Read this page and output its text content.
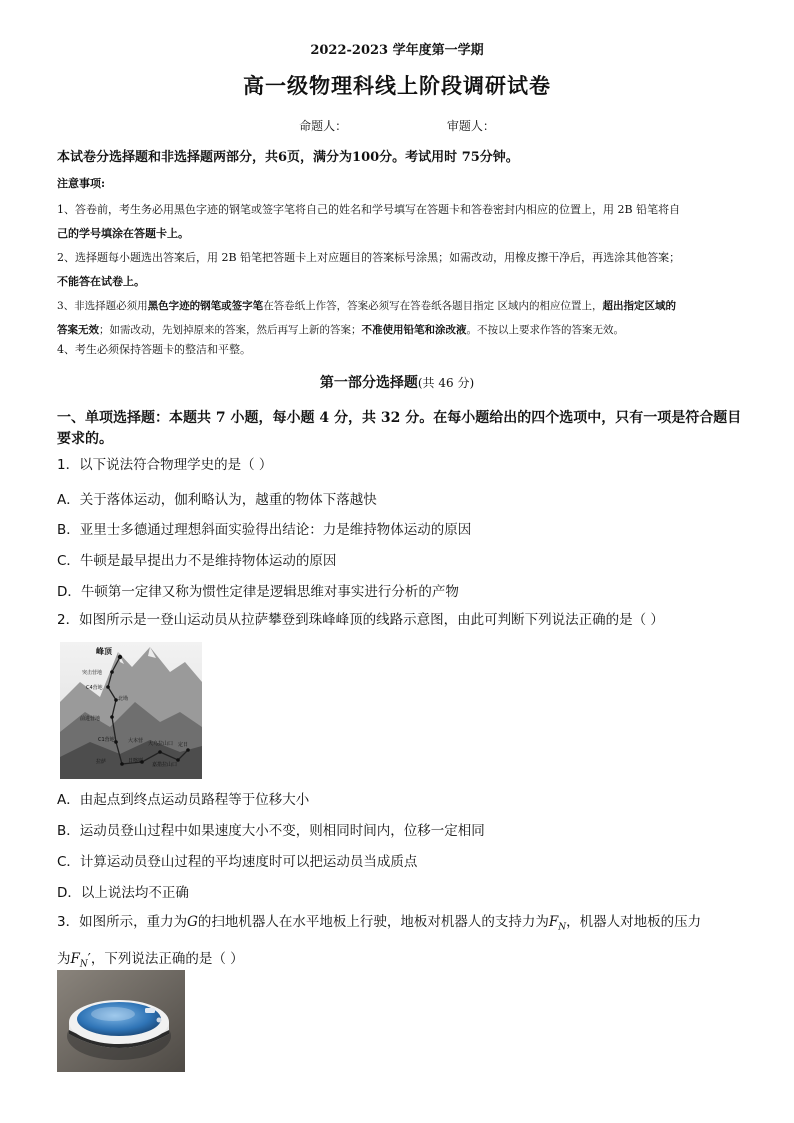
2022-2023 学年度第一学期
高一级物理科线上阶段调研试卷
命题人：	审题人：
本试卷分选择题和非选择题两部分，共6页，满分为100分。考试用时 75分钟。
注意事项:
1、答卷前，考生务必用黑色字迹的钢笔或签字笔将自己的姓名和学号填写在答题卡和答卷密封内相应的位置上，用 2B 铅笔将自
己的学号填涂在答题卡上。
2、选择题每小题选出答案后，用 2B 铅笔把答题卡上对应题目的答案标号涂黑；如需改动，用橡皮擦干净后，再选涂其他答案；
不能答在试卷上。
3、非选择题必须用黑色字迹的钢笔或签字笔在答卷纸上作答，答案必须写在答卷纸各题目指定 区域内的相应位置上，超出指定区域的
答案无效；如需改动，先划掉原来的答案，然后再写上新的答案；不准使用铅笔和涂改液。不按以上要求作答的答案无效。
4、考生必须保持答题卡的整洁和平整。
第一部分选择题(共 46 分)
一、单项选择题：本题共 7 小题，每小题 4 分，共 32 分。在每小题给出的四个选项中，只有一项是符合题目
要求的。
1．以下说法符合物理学史的是（ ）
A．关于落体运动，伽利略认为，越重的物体下落越快
B．亚里士多德通过理想斜面实验得出结论：力是维持物体运动的原因
C．牛顿是最早提出力不是维持物体运动的原因
D．牛顿第一定律又称为惯性定律是逻辑思维对事实进行分析的产物
2．如图所示是一登山运动员从拉萨攀登到珠峰峰顶的线路示意图，由此可判断下列说法正确的是（ ）
峰顶
突击营地
C4营地
北坳
前进营地
C1营地	大本营 大乌拉山口
拉萨	日喀则
嘉措拉山口
定日
A．由起点到终点运动员路程等于位移大小
B．运动员登山过程中如果速度大小不变，则相同时间内，位移一定相同
C．计算运动员登山过程的平均速度时可以把运动员当成质点
D．以上说法均不正确
3．如图所示，重力为G的扫地机器人在水平地板上行驶，地板对机器人的支持力为$F_N$，机器人对地板的压力
为$F_N'$，下列说法正确的是（ ）
